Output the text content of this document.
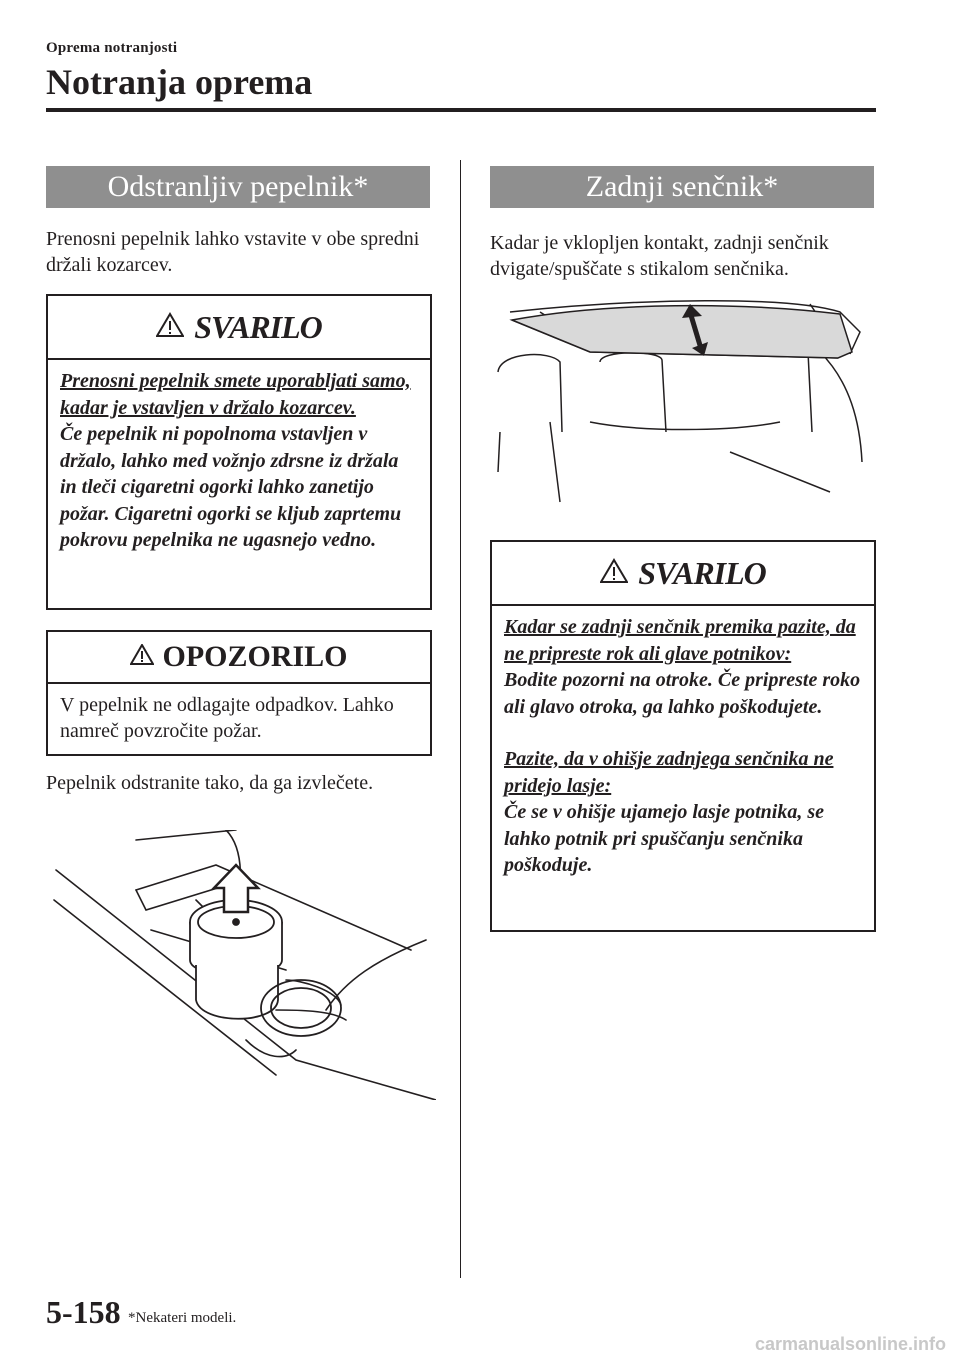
Oprema notranjosti
Notranja oprema
Odstranljiv pepelnik*
Prenosni pepelnik lahko vstavite v obe spredni držali kozarcev.
SVARILO
Prenosni pepelnik smete uporabljati samo, kadar je vstavljen v držalo kozarcev.
Če pepelnik ni popolnoma vstavljen v držalo, lahko med vožnjo zdrsne iz držala in tleči cigaretni ogorki lahko zanetijo požar. Cigaretni ogorki se kljub zaprtemu pokrovu pepelnika ne ugasnejo vedno.
OPOZORILO
V pepelnik ne odlagajte odpadkov. Lahko namreč povzročite požar.
Pepelnik odstranite tako, da ga izvlečete.
Zadnji senčnik*
Kadar je vklopljen kontakt, zadnji senčnik dvigate/spuščate s stikalom senčnika.
SVARILO
Kadar se zadnji senčnik premika pazite, da ne pripreste rok ali glave potnikov:
Bodite pozorni na otroke. Če pripreste roko ali glavo otroka, ga lahko poškodujete.
Pazite, da v ohišje zadnjega senčnika ne pridejo lasje:
Če se v ohišje ujamejo lasje potnika, se lahko potnik pri spuščanju senčnika poškoduje.
5-158 *Nekateri modeli.
carmanualsonline.info
